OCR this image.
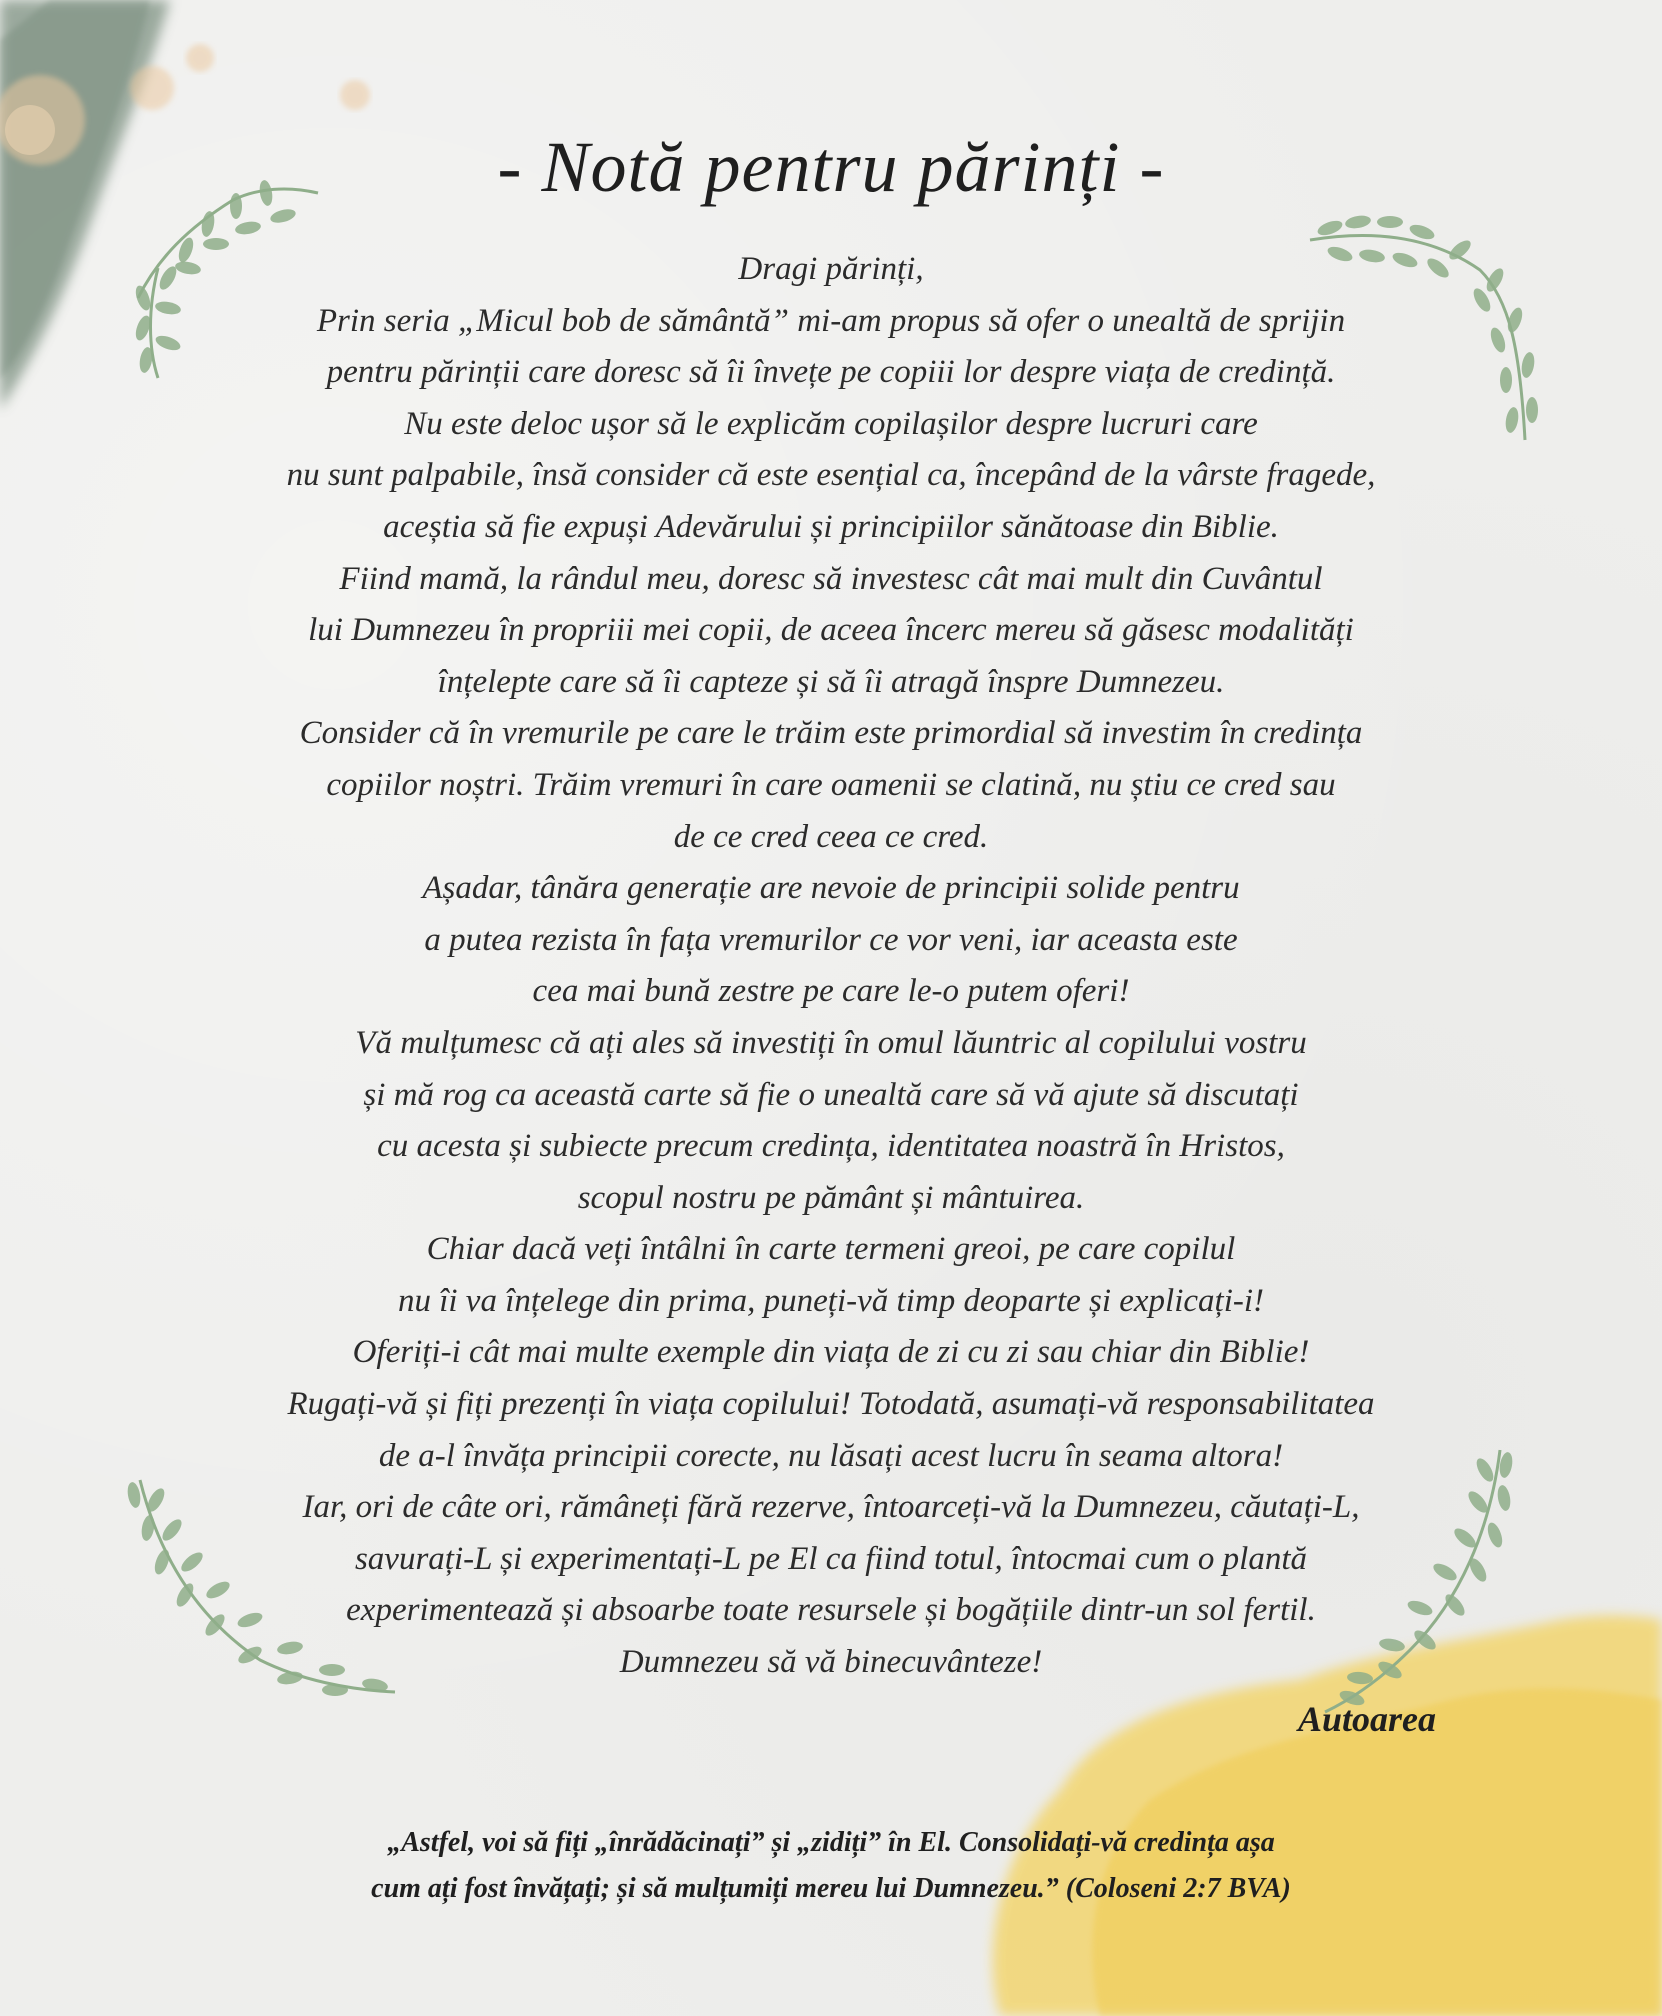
- Notă pentru părinți -
Dragi părinți,
Prin seria „Micul bob de sământă” mi-am propus să ofer o unealtă de sprijin
pentru părinții care doresc să îi învețe pe copiii lor despre viața de credință.
Nu este deloc ușor să le explicăm copilașilor despre lucruri care
nu sunt palpabile, însă consider că este esențial ca, începând de la vârste fragede,
aceștia să fie expuși Adevărului și principiilor sănătoase din Biblie.
Fiind mamă, la rândul meu, doresc să investesc cât mai mult din Cuvântul
lui Dumnezeu în propriii mei copii, de aceea încerc mereu să găsesc modalități
înțelepte care să îi capteze și să îi atragă înspre Dumnezeu.
Consider că în vremurile pe care le trăim este primordial să investim în credința
copiilor noștri. Trăim vremuri în care oamenii se clatină, nu știu ce cred sau
de ce cred ceea ce cred.
Așadar, tânăra generație are nevoie de principii solide pentru
a putea rezista în fața vremurilor ce vor veni, iar aceasta este
cea mai bună zestre pe care le-o putem oferi!
Vă mulțumesc că ați ales să investiți în omul lăuntric al copilului vostru
și mă rog ca această carte să fie o unealtă care să vă ajute să discutați
cu acesta și subiecte precum credința, identitatea noastră în Hristos,
scopul nostru pe pământ și mântuirea.
Chiar dacă veți întâlni în carte termeni greoi, pe care copilul
nu îi va înțelege din prima, puneți-vă timp deoparte și explicați-i!
Oferiți-i cât mai multe exemple din viața de zi cu zi sau chiar din Biblie!
Rugați-vă și fiți prezenți în viața copilului! Totodată, asumați-vă responsabilitatea
de a-l învăța principii corecte, nu lăsați acest lucru în seama altora!
Iar, ori de câte ori, rămâneți fără rezerve, întoarceți-vă la Dumnezeu, căutați-L,
savurați-L și experimentați-L pe El ca fiind totul, întocmai cum o plantă
experimentează și absoarbe toate resursele și bogățiile dintr-un sol fertil.
Dumnezeu să vă binecuvânteze!
Autoarea
„Astfel, voi să fiți „înrădăcinați” și „zidiți” în El. Consolidați-vă credința așa
cum ați fost învățați; și să mulțumiți mereu lui Dumnezeu.” (Coloseni 2:7 BVA)
